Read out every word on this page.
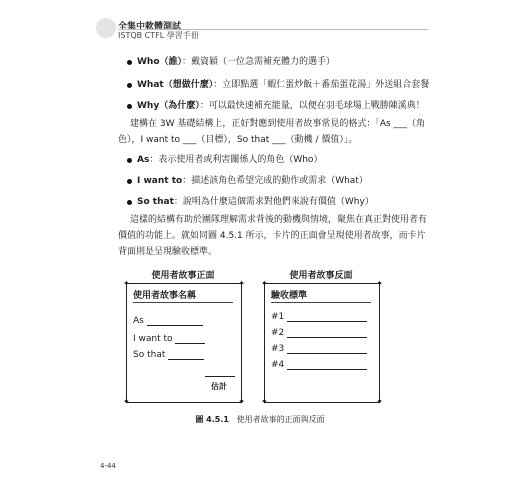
全集中軟體測試
ISTQB CTFL 學習手冊
Who（誰）：戴資穎（一位急需補充體力的選手）
What（想做什麼）：立即點選「蝦仁蛋炒飯＋番茄蛋花湯」外送組合套餐
Why（為什麼）：可以最快速補充能量，以便在羽毛球場上戰勝陳溪典！
建構在 3W 基礎結構上，正好對應到使用者故事常見的格式：「As ___（角
色），I want to ___（目標），So that ___（動機 / 價值）」。
As：表示使用者或利害關係人的角色（Who）
I want to：描述該角色希望完成的動作或需求（What）
So that：說明為什麼這個需求對他們來說有價值（Why）
這樣的結構有助於團隊理解需求背後的動機與情境，聚焦在真正對使用者有
價值的功能上。就如同圖 4.5.1 所示，卡片的正面會呈現使用者故事，而卡片
背面則是呈現驗收標準。
使用者故事正面	使用者故事反面
✦	✦
✦	✦
使用者故事名稱
As
I want to
So that
估計
✦	✦
✦	✦
驗收標準
#1
#2
#3
#4
圖 4.5.1 使用者故事的正面與反面
4-44
